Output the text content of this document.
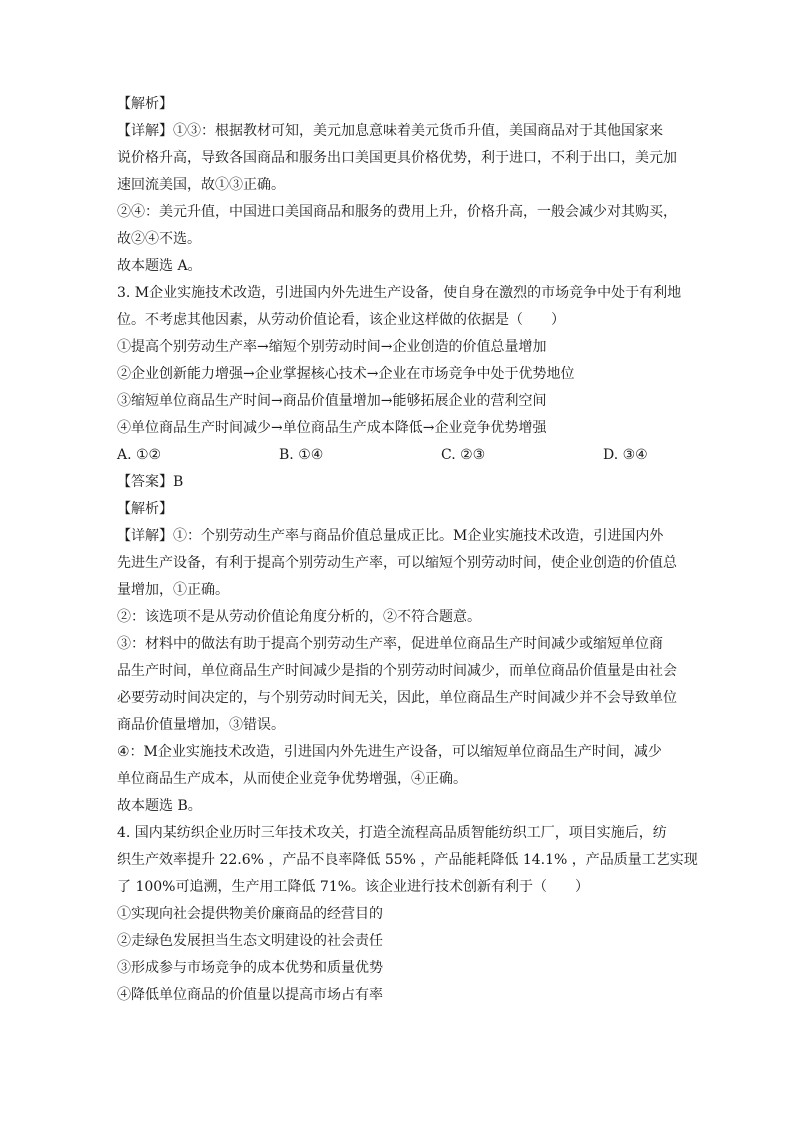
【解析】
【详解】①③：根据教材可知，美元加息意味着美元货币升值，美国商品对于其他国家来
说价格升高，导致各国商品和服务出口美国更具价格优势，利于进口，不利于出口，美元加
速回流美国，故①③正确。
②④：美元升值，中国进口美国商品和服务的费用上升，价格升高，一般会减少对其购买，
故②④不选。
故本题选 A。
3. M企业实施技术改造，引进国内外先进生产设备，使自身在激烈的市场竞争中处于有利地
位。不考虑其他因素，从劳动价值论看，该企业这样做的依据是（　　）
①提高个别劳动生产率→缩短个别劳动时间→企业创造的价值总量增加
②企业创新能力增强→企业掌握核心技术→企业在市场竞争中处于优势地位
③缩短单位商品生产时间→商品价值量增加→能够拓展企业的营利空间
④单位商品生产时间减少→单位商品生产成本降低→企业竞争优势增强
A. ①②	B. ①④	C. ②③	D. ③④
【答案】B
【解析】
【详解】①：个别劳动生产率与商品价值总量成正比。M企业实施技术改造，引进国内外
先进生产设备，有利于提高个别劳动生产率，可以缩短个别劳动时间，使企业创造的价值总
量增加，①正确。
②：该选项不是从劳动价值论角度分析的，②不符合题意。
③：材料中的做法有助于提高个别劳动生产率，促进单位商品生产时间减少或缩短单位商
品生产时间，单位商品生产时间减少是指的个别劳动时间减少，而单位商品价值量是由社会
必要劳动时间决定的，与个别劳动时间无关，因此，单位商品生产时间减少并不会导致单位
商品价值量增加，③错误。
④：M企业实施技术改造，引进国内外先进生产设备，可以缩短单位商品生产时间，减少
单位商品生产成本，从而使企业竞争优势增强，④正确。
故本题选 B。
4. 国内某纺织企业历时三年技术攻关，打造全流程高品质智能纺织工厂，项目实施后，纺
织生产效率提升 22.6% ，产品不良率降低 55% ，产品能耗降低 14.1% ，产品质量工艺实现
了 100%可追溯，生产用工降低 71%。该企业进行技术创新有利于（　　）
①实现向社会提供物美价廉商品的经营目的
②走绿色发展担当生态文明建设的社会责任
③形成参与市场竞争的成本优势和质量优势
④降低单位商品的价值量以提高市场占有率
